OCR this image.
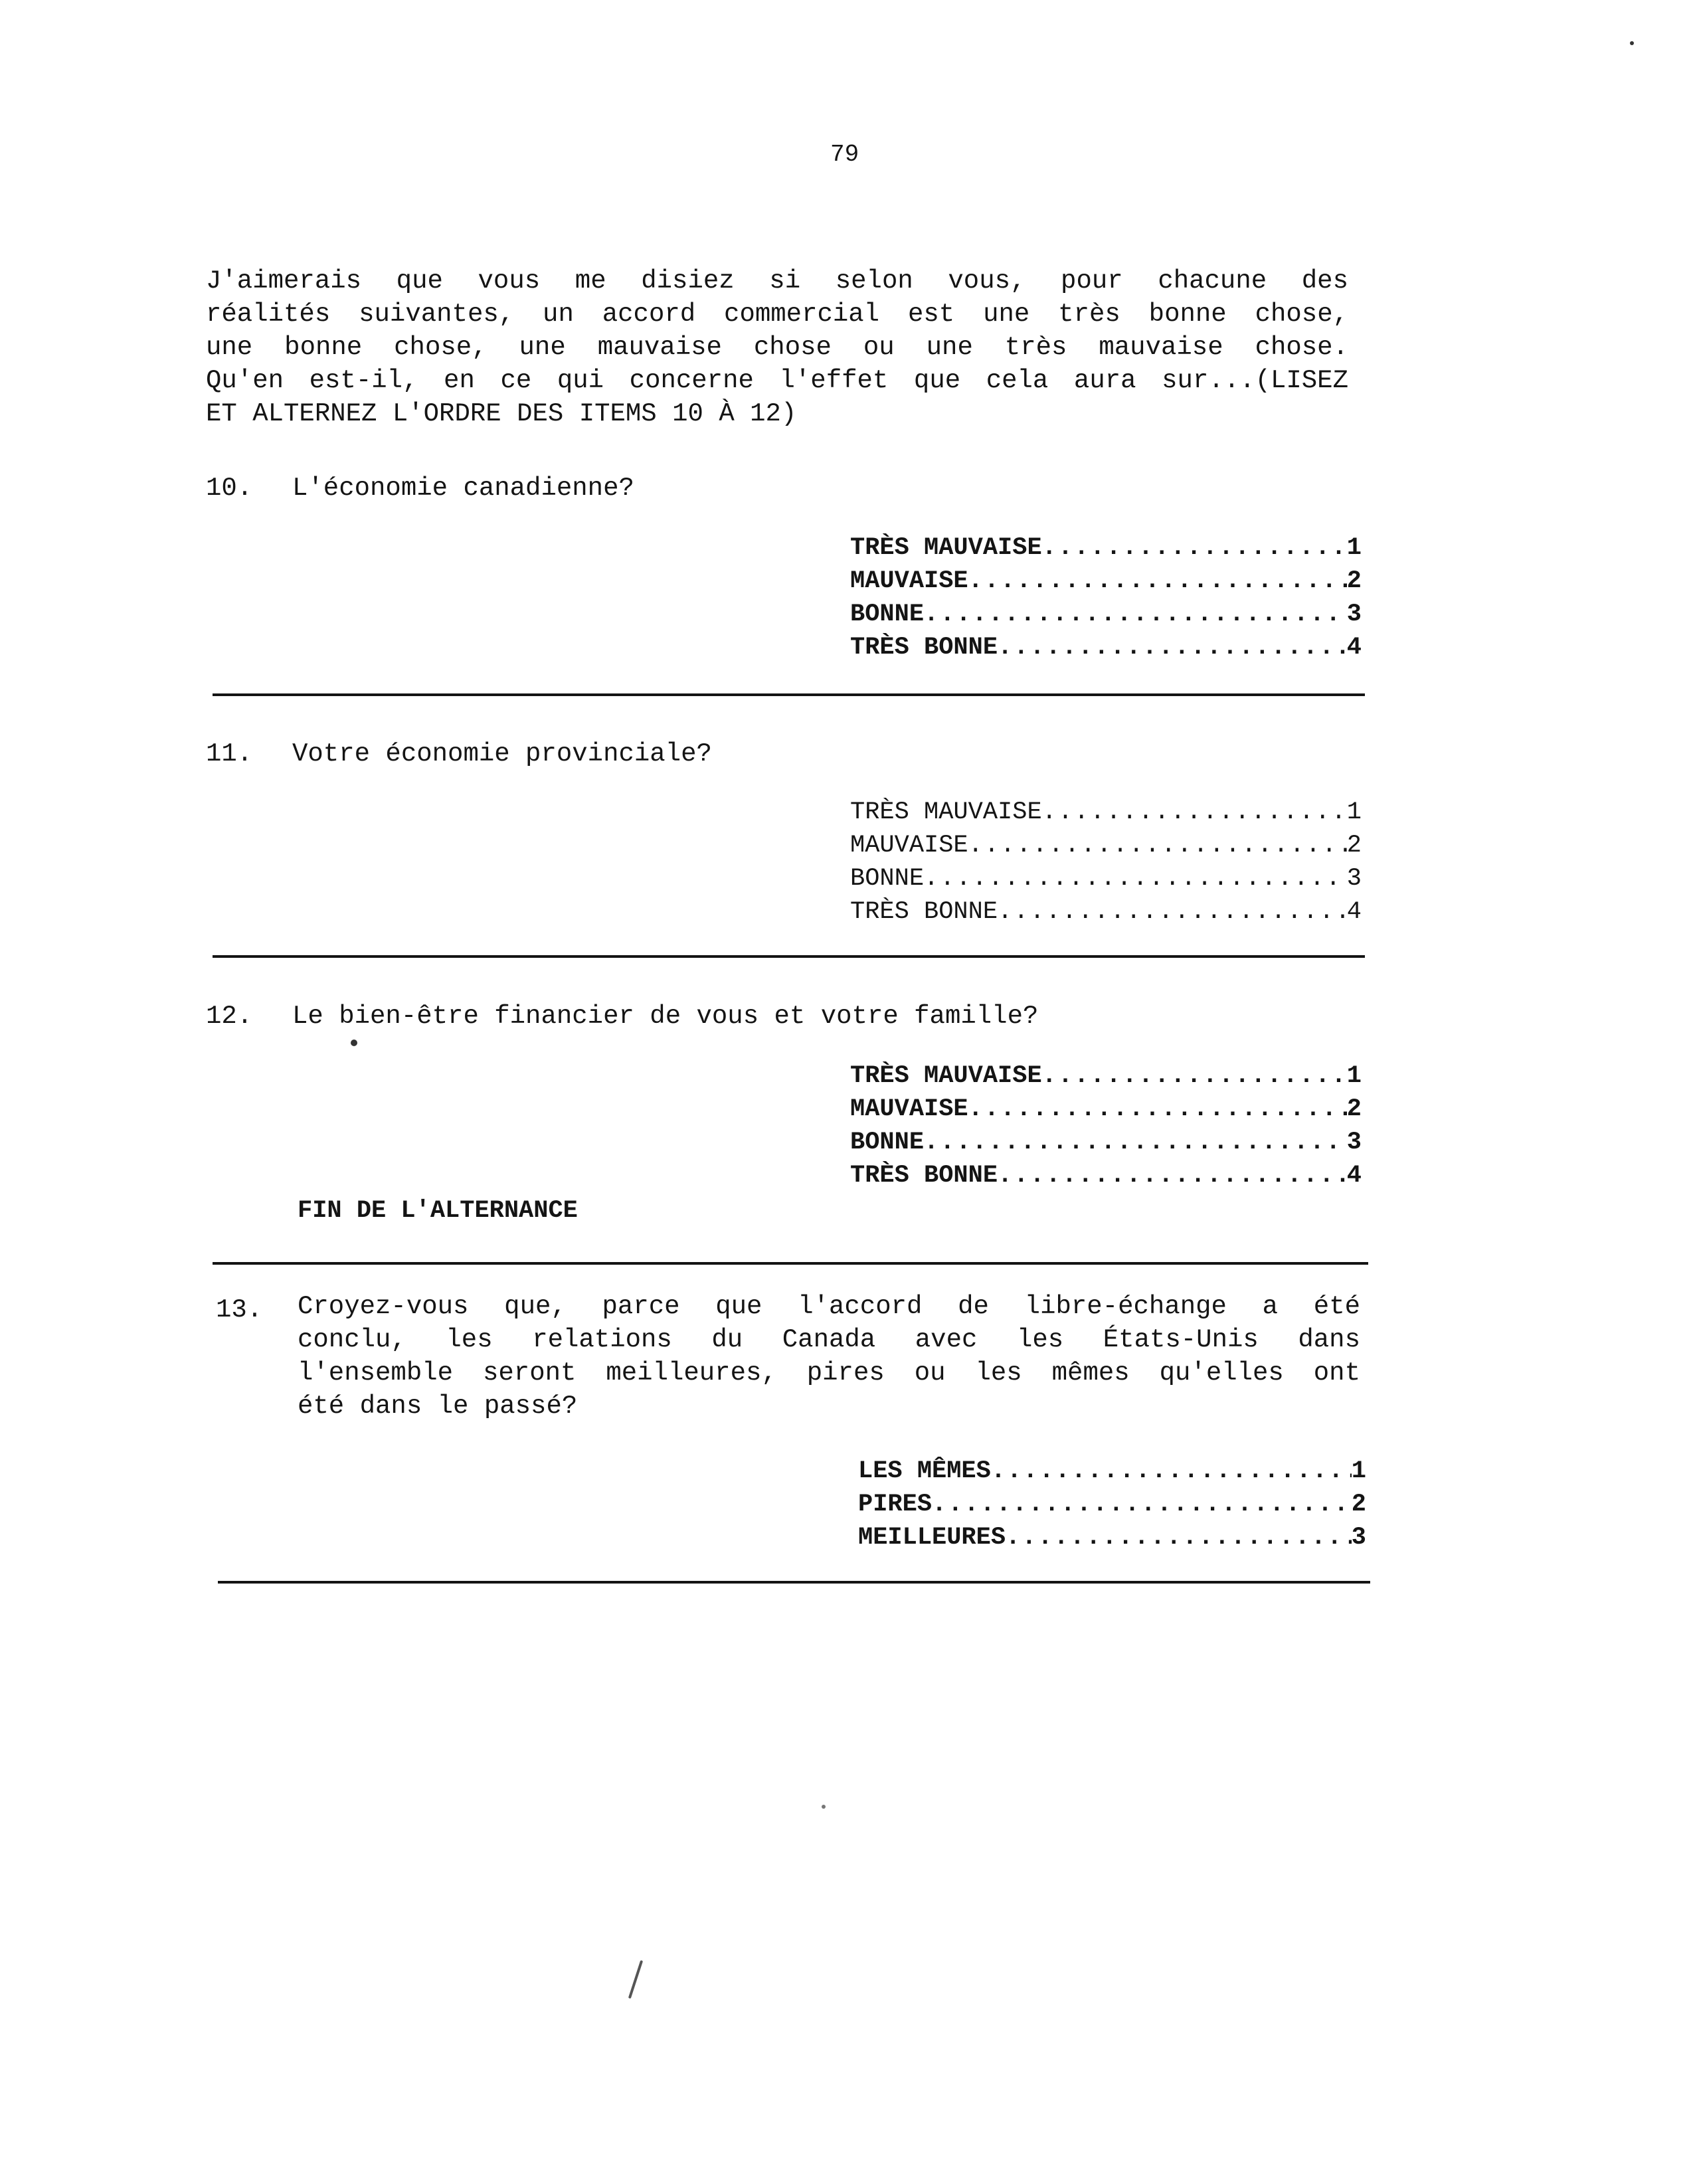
79
J'aimerais que vous me disiez si selon vous, pour chacune des
réalités suivantes, un accord commercial est une très bonne chose,
une bonne chose, une mauvaise chose ou une très mauvaise chose.
Qu'en est-il, en ce qui concerne l'effet que cela aura sur...(LISEZ
ET ALTERNEZ L'ORDRE DES ITEMS 10 À 12)
10. L'économie canadienne?
TRÈS MAUVAISE .....	1
MAUVAISE .....	2
BONNE .....	3
TRÈS BONNE .....	4
11. Votre économie provinciale?
TRÈS MAUVAISE .....	1
MAUVAISE .....	2
BONNE .....	3
TRÈS BONNE .....	4
12. Le bien-être financier de vous et votre famille?
TRÈS MAUVAISE .....	1
MAUVAISE .....	2
BONNE .....	3
TRÈS BONNE .....	4
FIN DE L'ALTERNANCE
13. Croyez-vous que, parce que l'accord de libre-échange a été
conclu, les relations du Canada avec les États-Unis dans
l'ensemble seront meilleures, pires ou les mêmes qu'elles ont
été dans le passé?
LES MÊMES .....	1
PIRES .....	2
MEILLEURES .....	3
